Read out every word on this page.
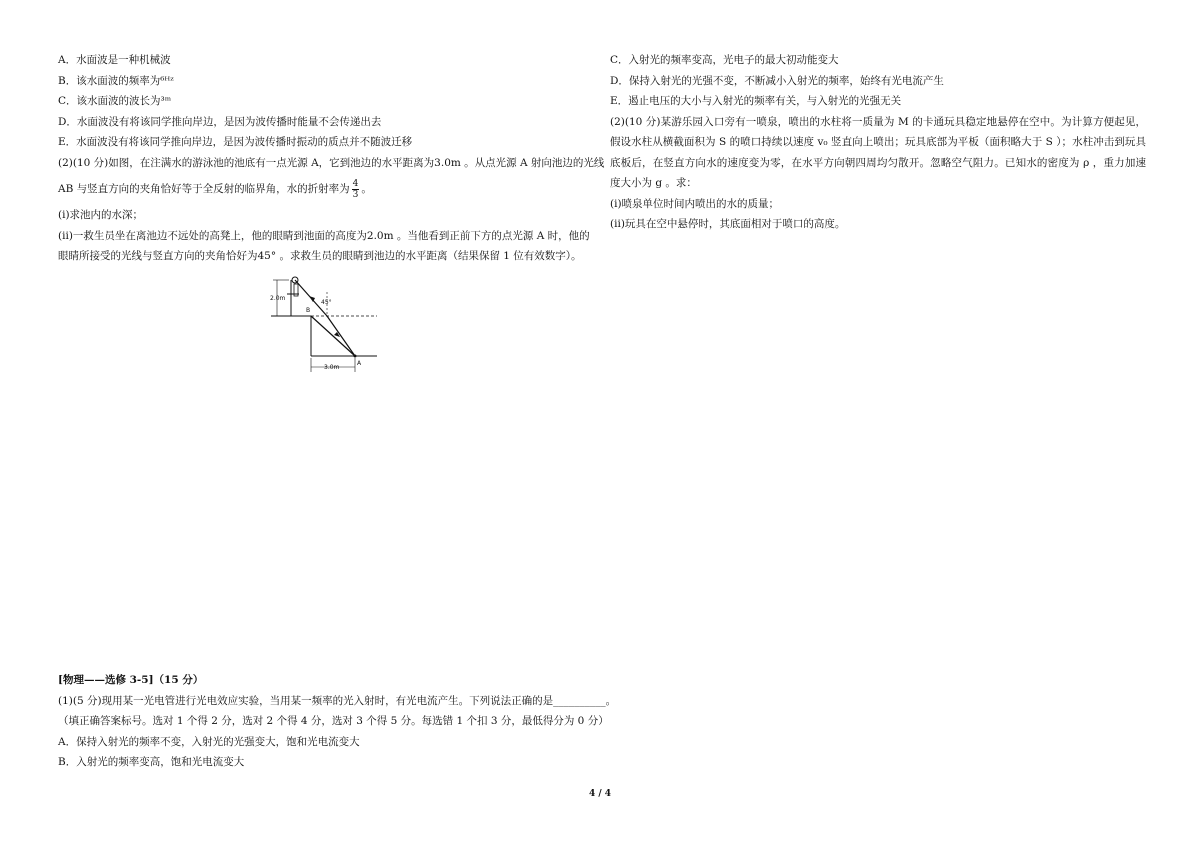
A．水面波是一种机械波
B．该水面波的频率为⁶ᴴᶻ
C．该水面波的波长为³ᵐ
D．水面波没有将该同学推向岸边，是因为波传播时能量不会传递出去
E．水面波没有将该同学推向岸边，是因为波传播时振动的质点并不随波迁移
(2)(10 分)如图，在注满水的游泳池的池底有一点光源 A，它到池边的水平距离为3.0m 。从点光源 A 射向池边的光线
AB 与竖直方向的夹角恰好等于全反射的临界角，水的折射率为 $\frac{4}{3}$ 。
(i)求池内的水深；
(ii)一救生员坐在离池边不远处的高凳上，他的眼睛到池面的高度为2.0m 。当他看到正前下方的点光源 A 时，他的
眼睛所接受的光线与竖直方向的夹角恰好为45° 。求救生员的眼睛到池边的水平距离（结果保留 1 位有效数字）。
2.0m
45°
B
A
3.0m
C．入射光的频率变高，光电子的最大初动能变大
D．保持入射光的光强不变，不断减小入射光的频率，始终有光电流产生
E．遏止电压的大小与入射光的频率有关，与入射光的光强无关
(2)(10 分)某游乐园入口旁有一喷泉，喷出的水柱将一质量为 M 的卡通玩具稳定地悬停在空中。为计算方便起见，假设水柱从横截面积为 S 的喷口持续以速度 v₀ 竖直向上喷出；玩具底部为平板（面积略大于 S ）；水柱冲击到玩具底板后，在竖直方向水的速度变为零，在水平方向朝四周均匀散开。忽略空气阻力。已知水的密度为 ρ ，重力加速度大小为 g 。求：
(i)喷泉单位时间内喷出的水的质量；
(ii)玩具在空中悬停时，其底面相对于喷口的高度。
[物理——选修 3-5]（15 分）
(1)(5 分)现用某一光电管进行光电效应实验，当用某一频率的光入射时，有光电流产生。下列说法正确的是__________。
（填正确答案标号。选对 1 个得 2 分，选对 2 个得 4 分，选对 3 个得 5 分。每选错 1 个扣 3 分，最低得分为 0 分）
A．保持入射光的频率不变，入射光的光强变大，饱和光电流变大
B．入射光的频率变高，饱和光电流变大
4 / 4
